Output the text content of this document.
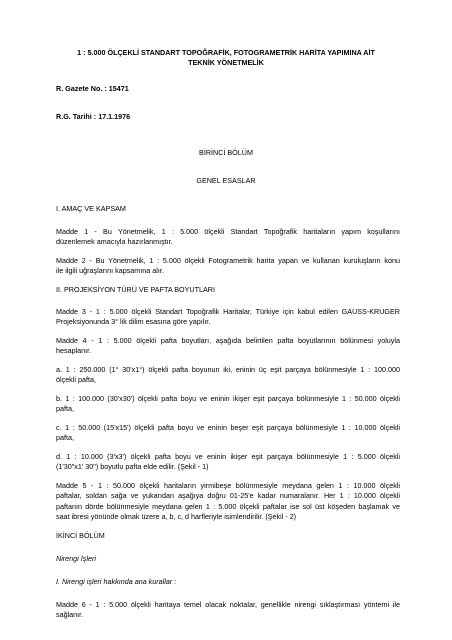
1 : 5.000 ÖLÇEKLİ STANDART TOPOĞRAFİK, FOTOGRAMETRİK HARİTA YAPIMINA AİT
TEKNİK YÖNETMELİK
R. Gazete No. : 15471
R.G. Tarihi : 17.1.1976
BİRİNCİ BÖLÜM
GENEL ESASLAR
I. AMAÇ VE KAPSAM
Madde 1 - Bu Yönetmelik, 1 : 5.000 ölçekli Standart Topoğrafik haritaların yapım koşullarını
düzenlemek amacıyla hazırlanmıştır.
Madde 2 - Bu Yönetmelik, 1 : 5.000 ölçekli Fotogrametrik harita yapan ve kullanan kuruluşların konu
ile ilgili uğraşlarını kapsamına alır.
II. PROJEKSİYON TÜRÜ VE PAFTA BOYUTLARI
Madde 3 - 1 : 5.000 ölçekli Standart Topoğrafik Haritalar, Türkiye için kabul edilen GAUSS-KRUGER
Projeksiyonunda 3° lik dilim esasına göre yapılır.
Madde 4 - 1 : 5.000 ölçekli pafta boyutları, aşağıda belirtilen pafta boyutlarının bölünmesi yoluyla
hesaplanır.
a. 1 : 250.000 (1° 30'x1°) ölçekli pafta boyunun iki, eninin üç eşit parçaya bölünmesiyle 1 : 100.000
ölçekli pafta,
b. 1 : 100.000 (30'x30') ölçekli pafta boyu ve eninin ikişer eşit parçaya bölünmesiyle 1 : 50.000 ölçekli
pafta,
c. 1 : 50.000 (15'x15') ölçekli pafta boyu ve eninin beşer eşit parçaya bölünmesiyle 1 : 10.000 ölçekli
pafta,
d. 1 : 10.000 (3'x3') ölçekli pafta boyu ve eninin ikişer eşit parçaya bölünmesiyle 1 : 5.000 ölçekli
(1'30"x1' 30") boyutlu pafta elde edilir. (Şekil - 1)
Madde 5 - 1 : 50.000 ölçekli haritaların yirmibeşe bölünmesiyle meydana gelen 1 : 10.000 ölçekli
paftalar, soldan sağa ve yukarıdan aşağıya doğru 01-25'e kadar numaralanır. Her 1 : 10.000 ölçekli
paftanın dörde bölünmesiyle meydana gelen 1 : 5.000 ölçekli paftalar ise sol üst köşeden başlamak ve
saat ibresi yönünde olmak üzere a, b, c, d harfleriyle isimlendirilir. (Şekil - 2)
İKİNCİ BÖLÜM
Nirengi İşleri
I. Nirengi işleri hakkında ana kurallar :
Madde 6 - 1 : 5.000 ölçekli haritaya temel olacak noktalar, genellikle nirengi sıklaştırması yöntemi ile
sağlanır.
